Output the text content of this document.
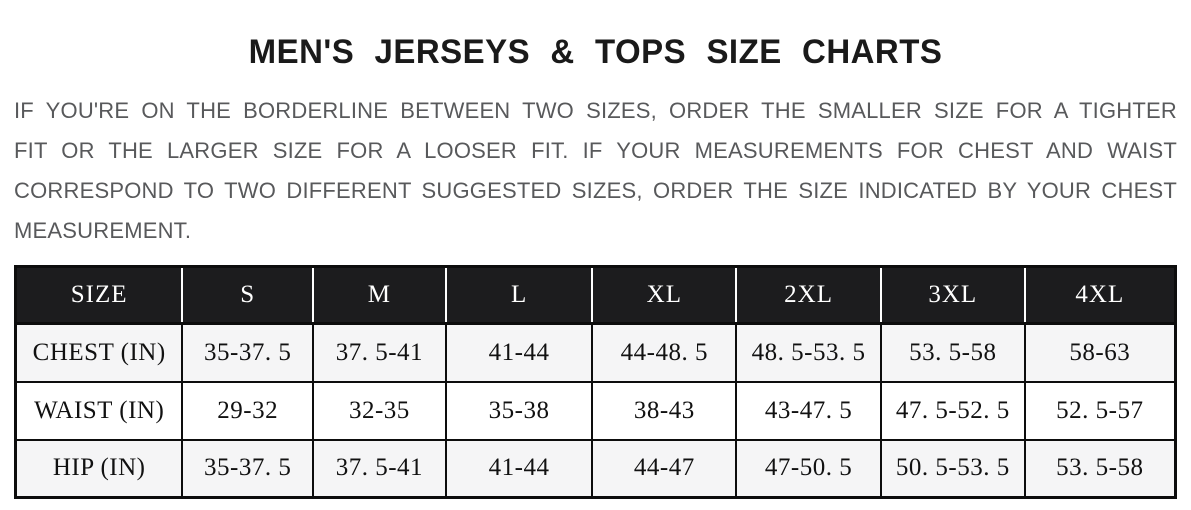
MEN'S JERSEYS & TOPS SIZE CHARTS

IF YOU'RE ON THE BORDERLINE BETWEEN TWO SIZES, ORDER THE SMALLER SIZE FOR A TIGHTER FIT OR THE LARGER SIZE FOR A LOOSER FIT. IF YOUR MEASUREMENTS FOR CHEST AND WAIST CORRESPOND TO TWO DIFFERENT SUGGESTED SIZES, ORDER THE SIZE INDICATED BY YOUR CHEST MEASUREMENT.

SIZE	S	M	L	XL	2XL	3XL	4XL
CHEST (IN)	35-37. 5	37. 5-41	41-44	44-48. 5	48. 5-53. 5	53. 5-58	58-63
WAIST (IN)	29-32	32-35	35-38	38-43	43-47. 5	47. 5-52. 5	52. 5-57
HIP (IN)	35-37. 5	37. 5-41	41-44	44-47	47-50. 5	50. 5-53. 5	53. 5-58
